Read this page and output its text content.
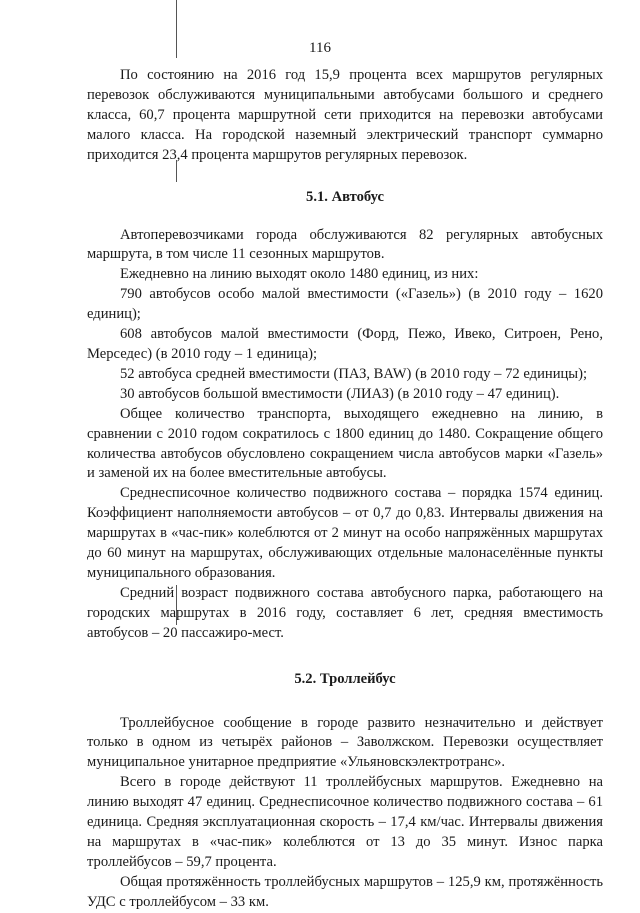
116

По состоянию на 2016 год 15,9 процента всех маршрутов регулярных перевозок обслуживаются муниципальными автобусами большого и среднего класса, 60,7 процента маршрутной сети приходится на перевозки автобусами малого класса. На городской наземный электрический транспорт суммарно приходится 23,4 процента маршрутов регулярных перевозок.

5.1. Автобус

Автоперевозчиками города обслуживаются 82 регулярных автобусных маршрута, в том числе 11 сезонных маршрутов.

Ежедневно на линию выходят около 1480 единиц, из них:

790 автобусов особо малой вместимости («Газель») (в 2010 году – 1620 единиц);

608 автобусов малой вместимости (Форд, Пежо, Ивеко, Ситроен, Рено, Мерседес) (в 2010 году – 1 единица);

52 автобуса средней вместимости (ПАЗ, BAW) (в 2010 году – 72 единицы);

30 автобусов большой вместимости (ЛИАЗ) (в 2010 году – 47 единиц).

Общее количество транспорта, выходящего ежедневно на линию, в сравнении с 2010 годом сократилось с 1800 единиц до 1480. Сокращение общего количества автобусов обусловлено сокращением числа автобусов марки «Газель» и заменой их на более вместительные автобусы.

Среднесписочное количество подвижного состава – порядка 1574 единиц. Коэффициент наполняемости автобусов – от 0,7 до 0,83. Интервалы движения на маршрутах в «час-пик» колеблются от 2 минут на особо напряжённых маршрутах до 60 минут на маршрутах, обслуживающих отдельные малонаселённые пункты муниципального образования.

Средний возраст подвижного состава автобусного парка, работающего на городских маршрутах в 2016 году, составляет 6 лет, средняя вместимость автобусов – 20 пассажиро-мест.

5.2. Троллейбус

Троллейбусное сообщение в городе развито незначительно и действует только в одном из четырёх районов – Заволжском. Перевозки осуществляет муниципальное унитарное предприятие «Ульяновскэлектротранс».

Всего в городе действуют 11 троллейбусных маршрутов. Ежедневно на линию выходят 47 единиц. Среднесписочное количество подвижного состава – 61 единица. Средняя эксплуатационная скорость – 17,4 км/час. Интервалы движения на маршрутах в «час-пик» колеблются от 13 до 35 минут. Износ парка троллейбусов – 59,7 процента.

Общая протяжённость троллейбусных маршрутов – 125,9 км, протяжённость УДС с троллейбусом – 33 км.
